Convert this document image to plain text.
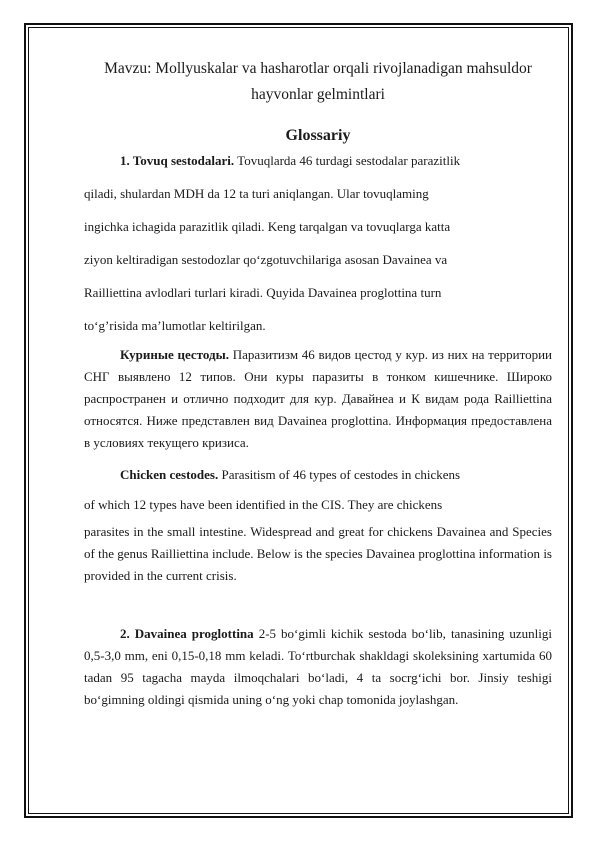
Mavzu: Mollyuskalar va hasharotlar orqali rivojlanadigan mahsuldor
hayvonlar gelmintlari

Glossariy
1. Tovuq sestodalari. Tovuqlarda 46 turdagi sestodalar parazitlik
qiladi, shulardan MDH da 12 ta turi aniqlangan. Ular tovuqlaming
ingichka ichagida parazitlik qiladi. Keng tarqalgan va tovuqlarga katta
ziyon keltiradigan sestodozlar qo‘zgotuvchilariga asosan Davainea va
Railliettina avlodlari turlari kiradi. Quyida Davainea proglottina turn
to‘g’risida ma’lumotlar keltirilgan.

Куриные цестоды. Паразитизм 46 видов цестод у кур. из них на территории СНГ выявлено 12 типов. Они куры паразиты в тонком кишечнике. Широко распространен и отлично подходит для кур. Давайнеа и К видам рода Railliettina относятся. Ниже представлен вид Davainea proglottina. Информация предоставлена в условиях текущего кризиса.

Chicken cestodes. Parasitism of 46 types of cestodes in chickens
of which 12 types have been identified in the CIS. They are chickens

parasites in the small intestine. Widespread and great for chickens Davainea and Species of the genus Railliettina include. Below is the species Davainea proglottina information is provided in the current crisis.

2. Davainea proglottina 2-5 bo‘gimli kichik sestoda bo‘lib, tanasining uzunligi 0,5-3,0 mm, eni 0,15-0,18 mm keladi. To‘rtburchak shakldagi skoleksining xartumida 60 tadan 95 tagacha mayda ilmoqchalari bo‘ladi, 4 ta socrg‘ichi bor. Jinsiy teshigi bo‘gimning oldingi qismida uning o‘ng yoki chap tomonida joylashgan.
